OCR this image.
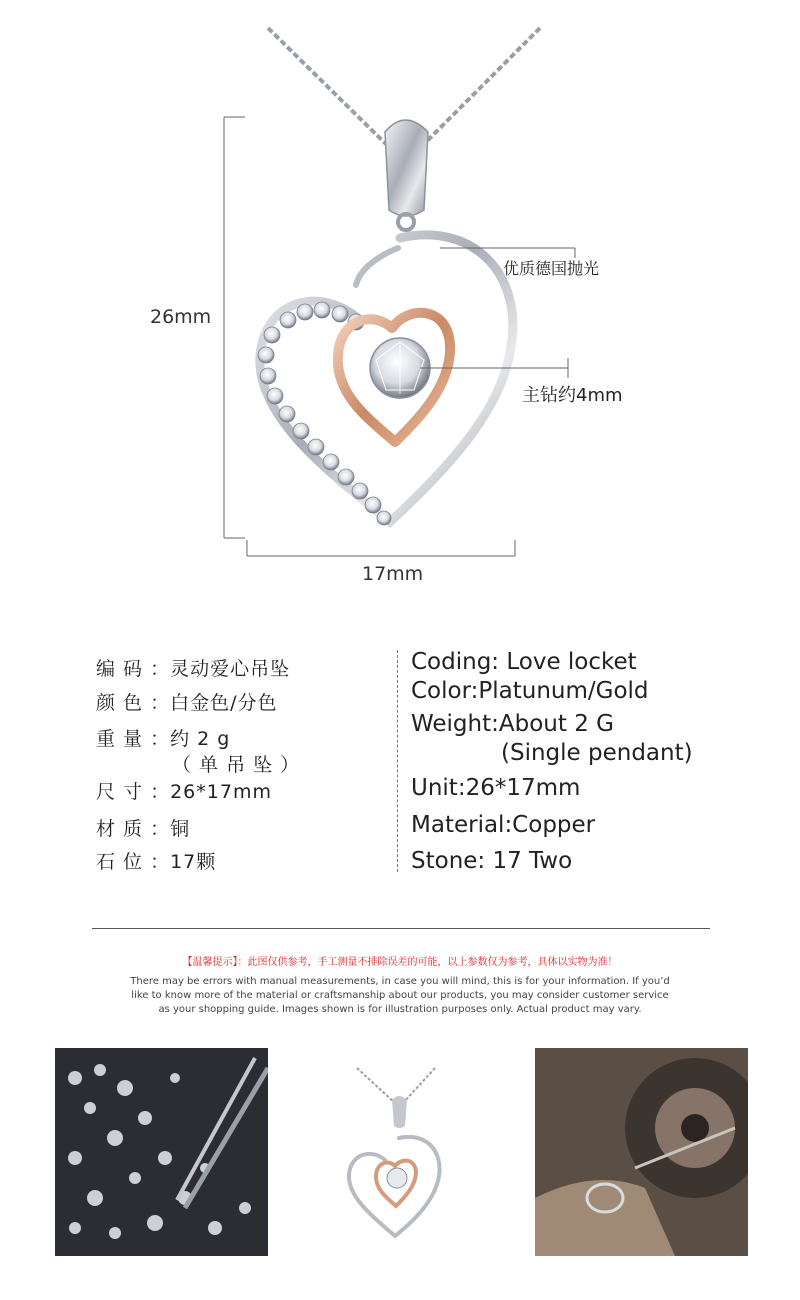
26mm
17mm
优质德国抛光
主钻约4mm
编 码 ：灵动爱心吊坠
颜 色 ：白金色/分色
重 量 ：约 2 g
（ 单 吊 坠 ）
尺 寸 ：26*17mm
材 质 ：铜
石 位 ：17颗
Coding: Love locket
Color:Platunum/Gold
Weight:About 2 G
(Single pendant)
Unit:26*17mm
Material:Copper
Stone: 17 Two
【温馨提示】：此图仅供参考，手工测量不排除误差的可能，以上参数仅为参考，具体以实物为准！
There may be errors with manual measurements, in case you will mind, this is for your information. If you’d
like to know more of the material or craftsmanship about our products, you may consider customer service
as your shopping guide. Images shown is for illustration purposes only. Actual product may vary.
